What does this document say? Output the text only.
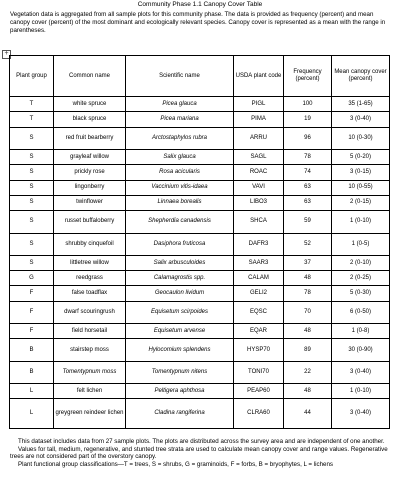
Community Phase 1.1 Canopy Cover Table
Vegetation data is aggregated from all sample plots for this community phase. The data is provided as frequency (percent) and mean canopy cover (percent) of the most dominant and ecologically relevant species. Canopy cover is represented as a mean with the range in parentheses.
+
Plant group	Common name	Scientific name	USDA plant code	Frequency (percent)	Mean canopy cover (percent)
T	white spruce	Picea glauca	PIGL	100	35 (1-65)
T	black spruce	Picea mariana	PIMA	19	3 (0-40)
S	red fruit bearberry	Arctostaphylos rubra	ARRU	96	10 (0-30)
S	grayleaf willow	Salix glauca	SAGL	78	5 (0-20)
S	prickly rose	Rosa acicularis	ROAC	74	3 (0-15)
S	lingonberry	Vaccinium vitis-idaea	VAVI	63	10 (0-55)
S	twinflower	Linnaea borealis	LIBO3	63	2 (0-15)
S	russet buffaloberry	Shepherdia canadensis	SHCA	59	1 (0-10)
S	shrubby cinquefoil	Dasiphora fruticosa	DAFR3	52	1 (0-5)
S	littletree willow	Salix arbusculoides	SAAR3	37	2 (0-10)
G	reedgrass	Calamagrostis spp.	CALAM	48	2 (0-25)
F	false toadflax	Geocaulon lividum	GELI2	78	5 (0-30)
F	dwarf scouringrush	Equisetum scirpoides	EQSC	70	6 (0-50)
F	field horsetail	Equisetum arvense	EQAR	48	1 (0-8)
B	stairstep moss	Hylocomium splendens	HYSP70	89	30 (0-90)
B	Tomentypnum moss	Tomentypnum nitens	TONI70	22	3 (0-40)
L	felt lichen	Peltigera aphthosa	PEAP60	48	1 (0-10)
L	greygreen reindeer lichen	Cladina rangiferina	CLRA60	44	3 (0-40)

This dataset includes data from 27 sample plots. The plots are distributed across the survey area and are independent of one another.

Values for tall, medium, regenerative, and stunted tree strata are used to calculate mean canopy cover and range values. Regenerative trees are not considered part of the overstory canopy.

Plant functional group classifications—T = trees, S = shrubs, G = graminoids, F = forbs, B = bryophytes, L = lichens
